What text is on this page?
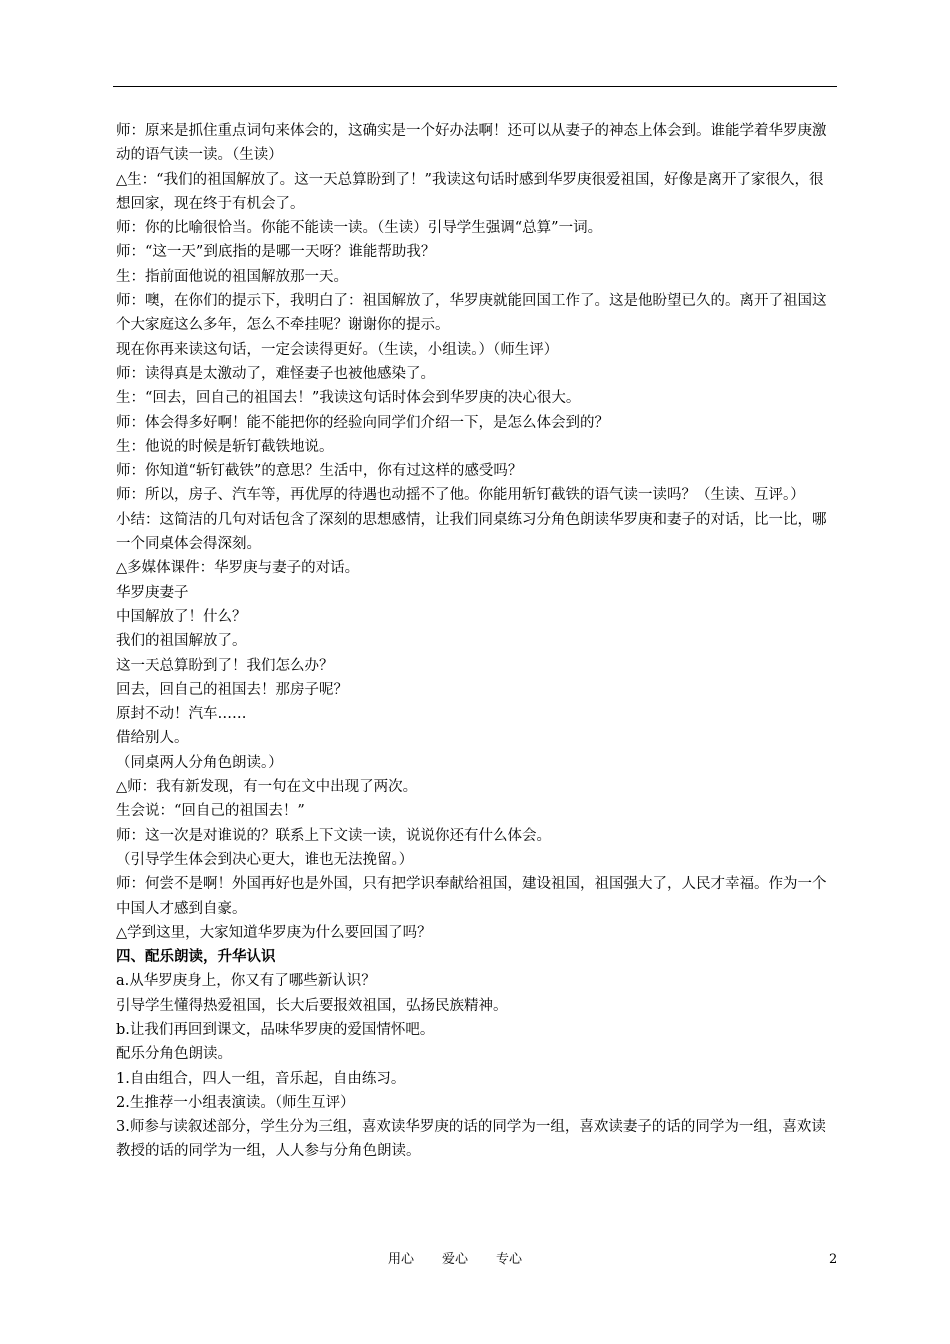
师：原来是抓住重点词句来体会的，这确实是一个好办法啊！还可以从妻子的神态上体会到。谁能学着华罗庚激动的语气读一读。（生读）

△生：“我们的祖国解放了。这一天总算盼到了！”我读这句话时感到华罗庚很爱祖国，好像是离开了家很久，很想回家，现在终于有机会了。

师：你的比喻很恰当。你能不能读一读。（生读）引导学生强调“总算”一词。

师：“这一天”到底指的是哪一天呀？谁能帮助我？

生：指前面他说的祖国解放那一天。

师：噢，在你们的提示下，我明白了：祖国解放了，华罗庚就能回国工作了。这是他盼望已久的。离开了祖国这个大家庭这么多年，怎么不牵挂呢？谢谢你的提示。

现在你再来读这句话，一定会读得更好。（生读，小组读。）（师生评）

师：读得真是太激动了，难怪妻子也被他感染了。

生：“回去，回自己的祖国去！”我读这句话时体会到华罗庚的决心很大。

师：体会得多好啊！能不能把你的经验向同学们介绍一下，是怎么体会到的？

生：他说的时候是斩钉截铁地说。

师：你知道“斩钉截铁”的意思？生活中，你有过这样的感受吗？

师：所以，房子、汽车等，再优厚的待遇也动摇不了他。你能用斩钉截铁的语气读一读吗？（生读、互评。）

小结：这简洁的几句对话包含了深刻的思想感情，让我们同桌练习分角色朗读华罗庚和妻子的对话，比一比，哪一个同桌体会得深刻。

△多媒体课件：华罗庚与妻子的对话。

华罗庚妻子

中国解放了！什么？

我们的祖国解放了。

这一天总算盼到了！我们怎么办？

回去，回自己的祖国去！那房子呢？

原封不动！汽车……

借给别人。

（同桌两人分角色朗读。）

△师：我有新发现，有一句在文中出现了两次。

生会说：“回自己的祖国去！”

师：这一次是对谁说的？联系上下文读一读，说说你还有什么体会。

（引导学生体会到决心更大，谁也无法挽留。）

师：何尝不是啊！外国再好也是外国，只有把学识奉献给祖国，建设祖国，祖国强大了，人民才幸福。作为一个中国人才感到自豪。

△学到这里，大家知道华罗庚为什么要回国了吗？

四、配乐朗读，升华认识

a.从华罗庚身上，你又有了哪些新认识？

引导学生懂得热爱祖国，长大后要报效祖国，弘扬民族精神。

b.让我们再回到课文，品味华罗庚的爱国情怀吧。

配乐分角色朗读。

1.自由组合，四人一组，音乐起，自由练习。

2.生推荐一小组表演读。（师生互评）

3.师参与读叙述部分，学生分为三组，喜欢读华罗庚的话的同学为一组，喜欢读妻子的话的同学为一组，喜欢读教授的话的同学为一组，人人参与分角色朗读。

用心 爱心 专心	2
